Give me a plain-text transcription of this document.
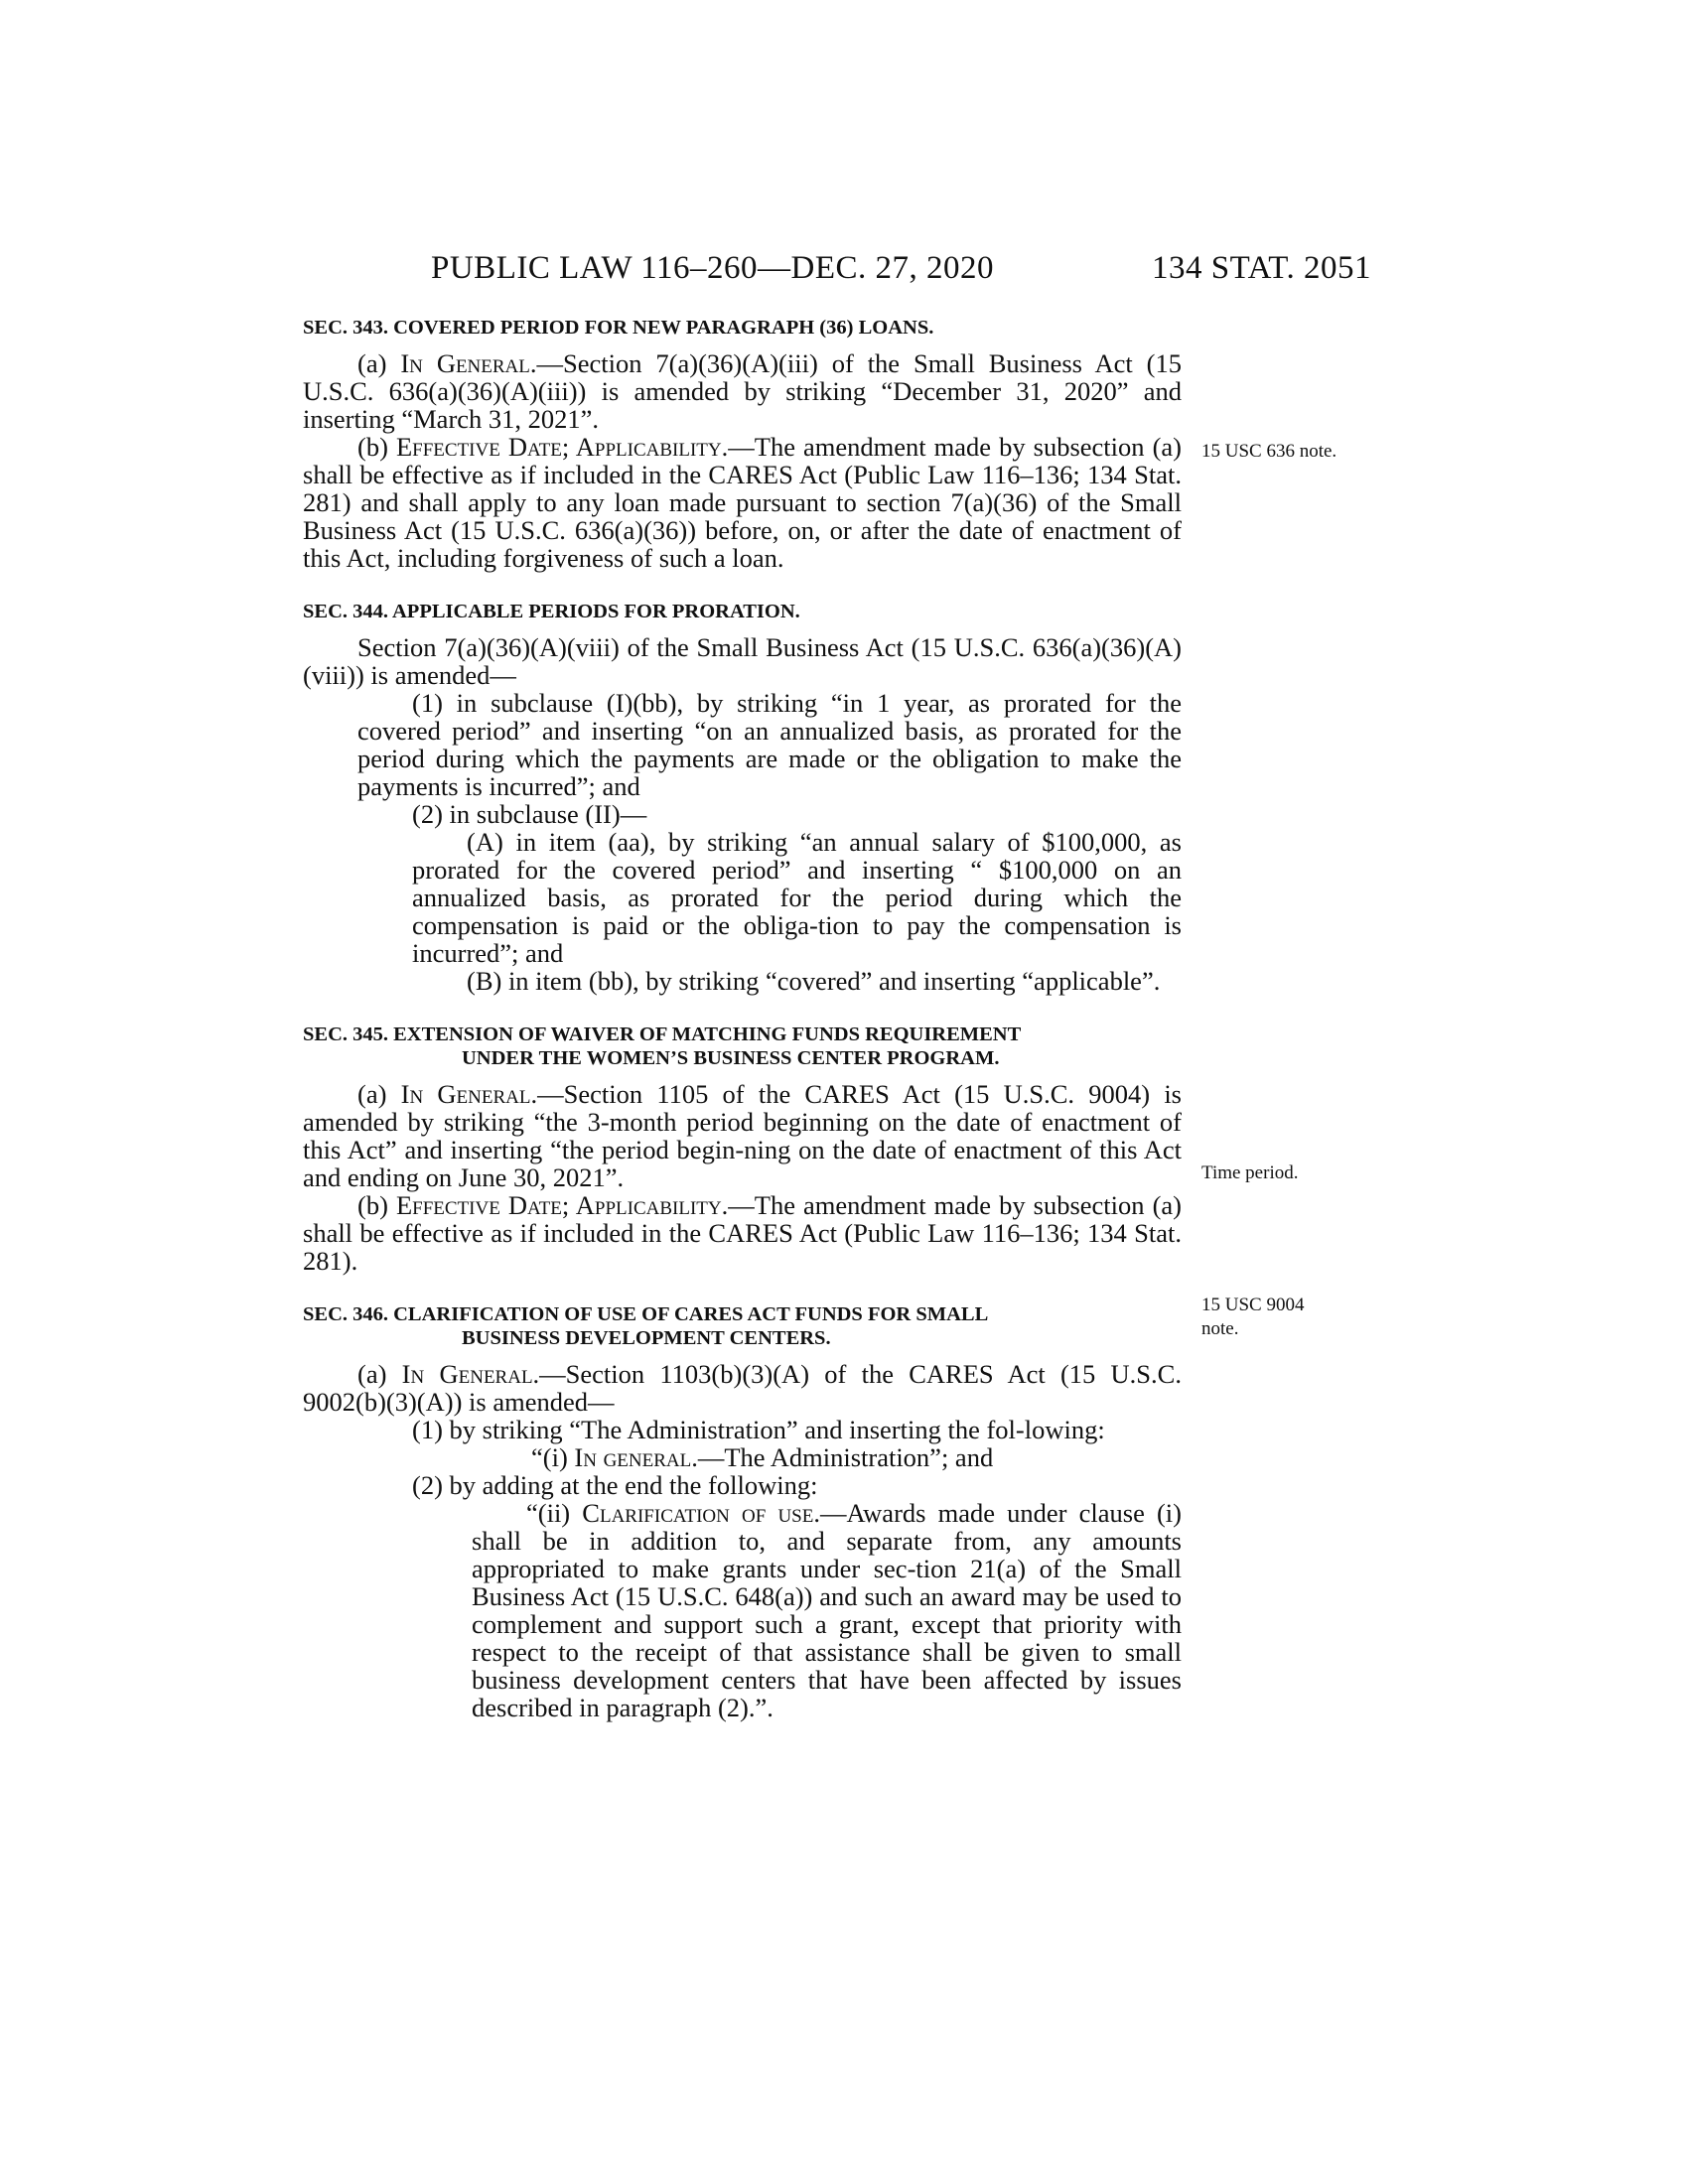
PUBLIC LAW 116–260—DEC. 27, 2020	134 STAT. 2051
SEC. 343. COVERED PERIOD FOR NEW PARAGRAPH (36) LOANS.

(a) In General.—Section 7(a)(36)(A)(iii) of the Small Business Act (15 U.S.C. 636(a)(36)(A)(iii)) is amended by striking “December 31, 2020” and inserting “March 31, 2021”.

(b) Effective Date; Applicability.—The amendment made by subsection (a) shall be effective as if included in the CARES Act (Public Law 116–136; 134 Stat. 281) and shall apply to any loan made pursuant to section 7(a)(36) of the Small Business Act (15 U.S.C. 636(a)(36)) before, on, or after the date of enactment of this Act, including forgiveness of such a loan.

SEC. 344. APPLICABLE PERIODS FOR PRORATION.

Section 7(a)(36)(A)(viii) of the Small Business Act (15 U.S.C. 636(a)(36)(A)(viii)) is amended—

(1) in subclause (I)(bb), by striking “in 1 year, as prorated for the covered period” and inserting “on an annualized basis, as prorated for the period during which the payments are made or the obligation to make the payments is incurred”; and

(2) in subclause (II)—

(A) in item (aa), by striking “an annual salary of $100,000, as prorated for the covered period” and inserting “ $100,000 on an annualized basis, as prorated for the period during which the compensation is paid or the obliga-tion to pay the compensation is incurred”; and

(B) in item (bb), by striking “covered” and inserting “applicable”.

SEC. 345. EXTENSION OF WAIVER OF MATCHING FUNDS REQUIREMENT
UNDER THE WOMEN’S BUSINESS CENTER PROGRAM.

(a) In General.—Section 1105 of the CARES Act (15 U.S.C. 9004) is amended by striking “the 3-month period beginning on the date of enactment of this Act” and inserting “the period begin-ning on the date of enactment of this Act and ending on June 30, 2021”.

(b) Effective Date; Applicability.—The amendment made by subsection (a) shall be effective as if included in the CARES Act (Public Law 116–136; 134 Stat. 281).

SEC. 346. CLARIFICATION OF USE OF CARES ACT FUNDS FOR SMALL
BUSINESS DEVELOPMENT CENTERS.

(a) In General.—Section 1103(b)(3)(A) of the CARES Act (15 U.S.C. 9002(b)(3)(A)) is amended—

(1) by striking “The Administration” and inserting the fol-lowing:

“(i) In general.—The Administration”; and

(2) by adding at the end the following:

“(ii) Clarification of use.—Awards made under clause (i) shall be in addition to, and separate from, any amounts appropriated to make grants under sec-tion 21(a) of the Small Business Act (15 U.S.C. 648(a)) and such an award may be used to complement and support such a grant, except that priority with respect to the receipt of that assistance shall be given to small business development centers that have been affected by issues described in paragraph (2).”.

15 USC 636 note.
Time period.
15 USC 9004
note.
